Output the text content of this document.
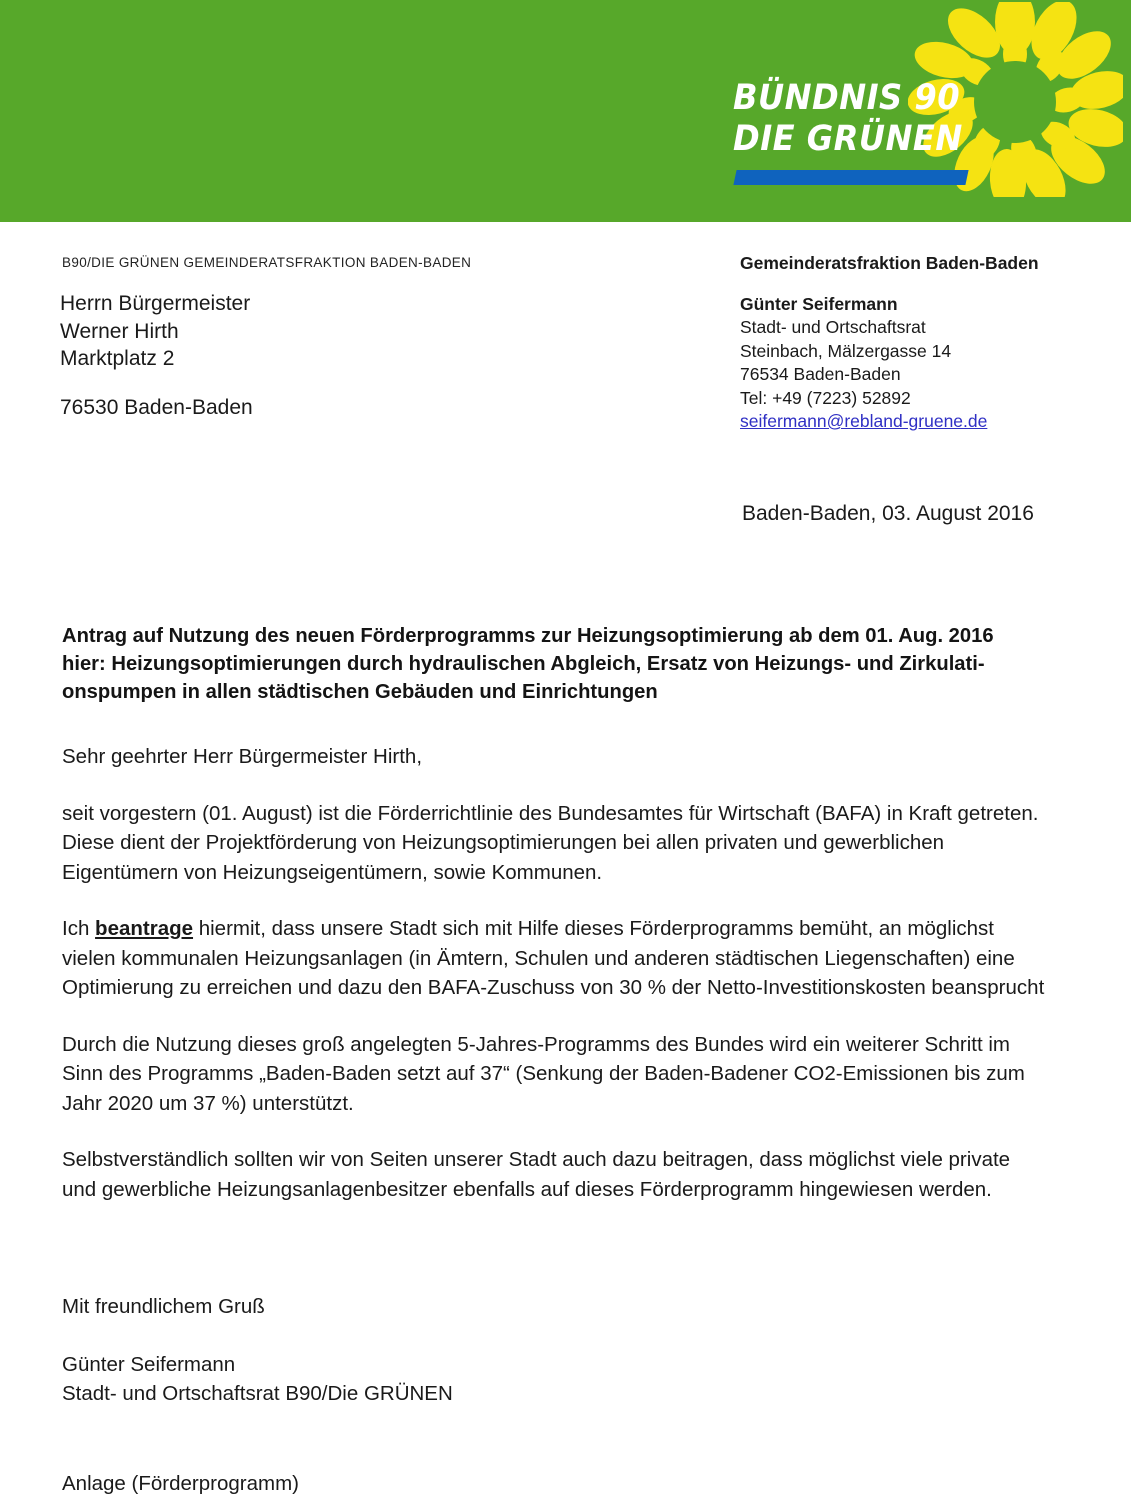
BÜNDNIS 90
DIE GRÜNEN
B90/DIE GRÜNEN GEMEINDERATSFRAKTION BADEN-BADEN
Herrn Bürgermeister
Werner Hirth
Marktplatz 2
76530 Baden-Baden
Gemeinderatsfraktion Baden-Baden
Günter Seifermann
Stadt- und Ortschaftsrat
Steinbach, Mälzergasse 14
76534 Baden-Baden
Tel: +49 (7223) 52892
seifermann@rebland-gruene.de
Baden-Baden, 03. August 2016
Antrag auf Nutzung des neuen Förderprogramms zur Heizungsoptimierung ab dem 01. Aug. 2016
hier: Heizungsoptimierungen durch hydraulischen Abgleich, Ersatz von Heizungs- und Zirkulati-
onspumpen in allen städtischen Gebäuden und Einrichtungen

Sehr geehrter Herr Bürgermeister Hirth,

seit vorgestern (01. August) ist die Förderrichtlinie des Bundesamtes für Wirtschaft (BAFA) in Kraft getreten. Diese dient der Projektförderung von Heizungsoptimierungen bei allen privaten und gewerblichen Eigentümern von Heizungseigentümern, sowie Kommunen.

Ich beantrage hiermit, dass unsere Stadt sich mit Hilfe dieses Förderprogramms bemüht, an möglichst vielen kommunalen Heizungsanlagen (in Ämtern, Schulen und anderen städtischen Liegenschaften) eine Optimierung zu erreichen und dazu den BAFA-Zuschuss von 30 % der Netto-Investitionskosten beansprucht

Durch die Nutzung dieses groß angelegten 5-Jahres-Programms des Bundes wird ein weiterer Schritt im Sinn des Programms „Baden-Baden setzt auf 37“ (Senkung der Baden-Badener CO2-Emissionen bis zum Jahr 2020 um 37 %) unterstützt.

Selbstverständlich sollten wir von Seiten unserer Stadt auch dazu beitragen, dass möglichst viele private und gewerbliche Heizungsanlagenbesitzer ebenfalls auf dieses Förderprogramm hingewiesen werden.

Mit freundlichem Gruß
Günter Seifermann
Stadt- und Ortschaftsrat B90/Die GRÜNEN
Anlage (Förderprogramm)
